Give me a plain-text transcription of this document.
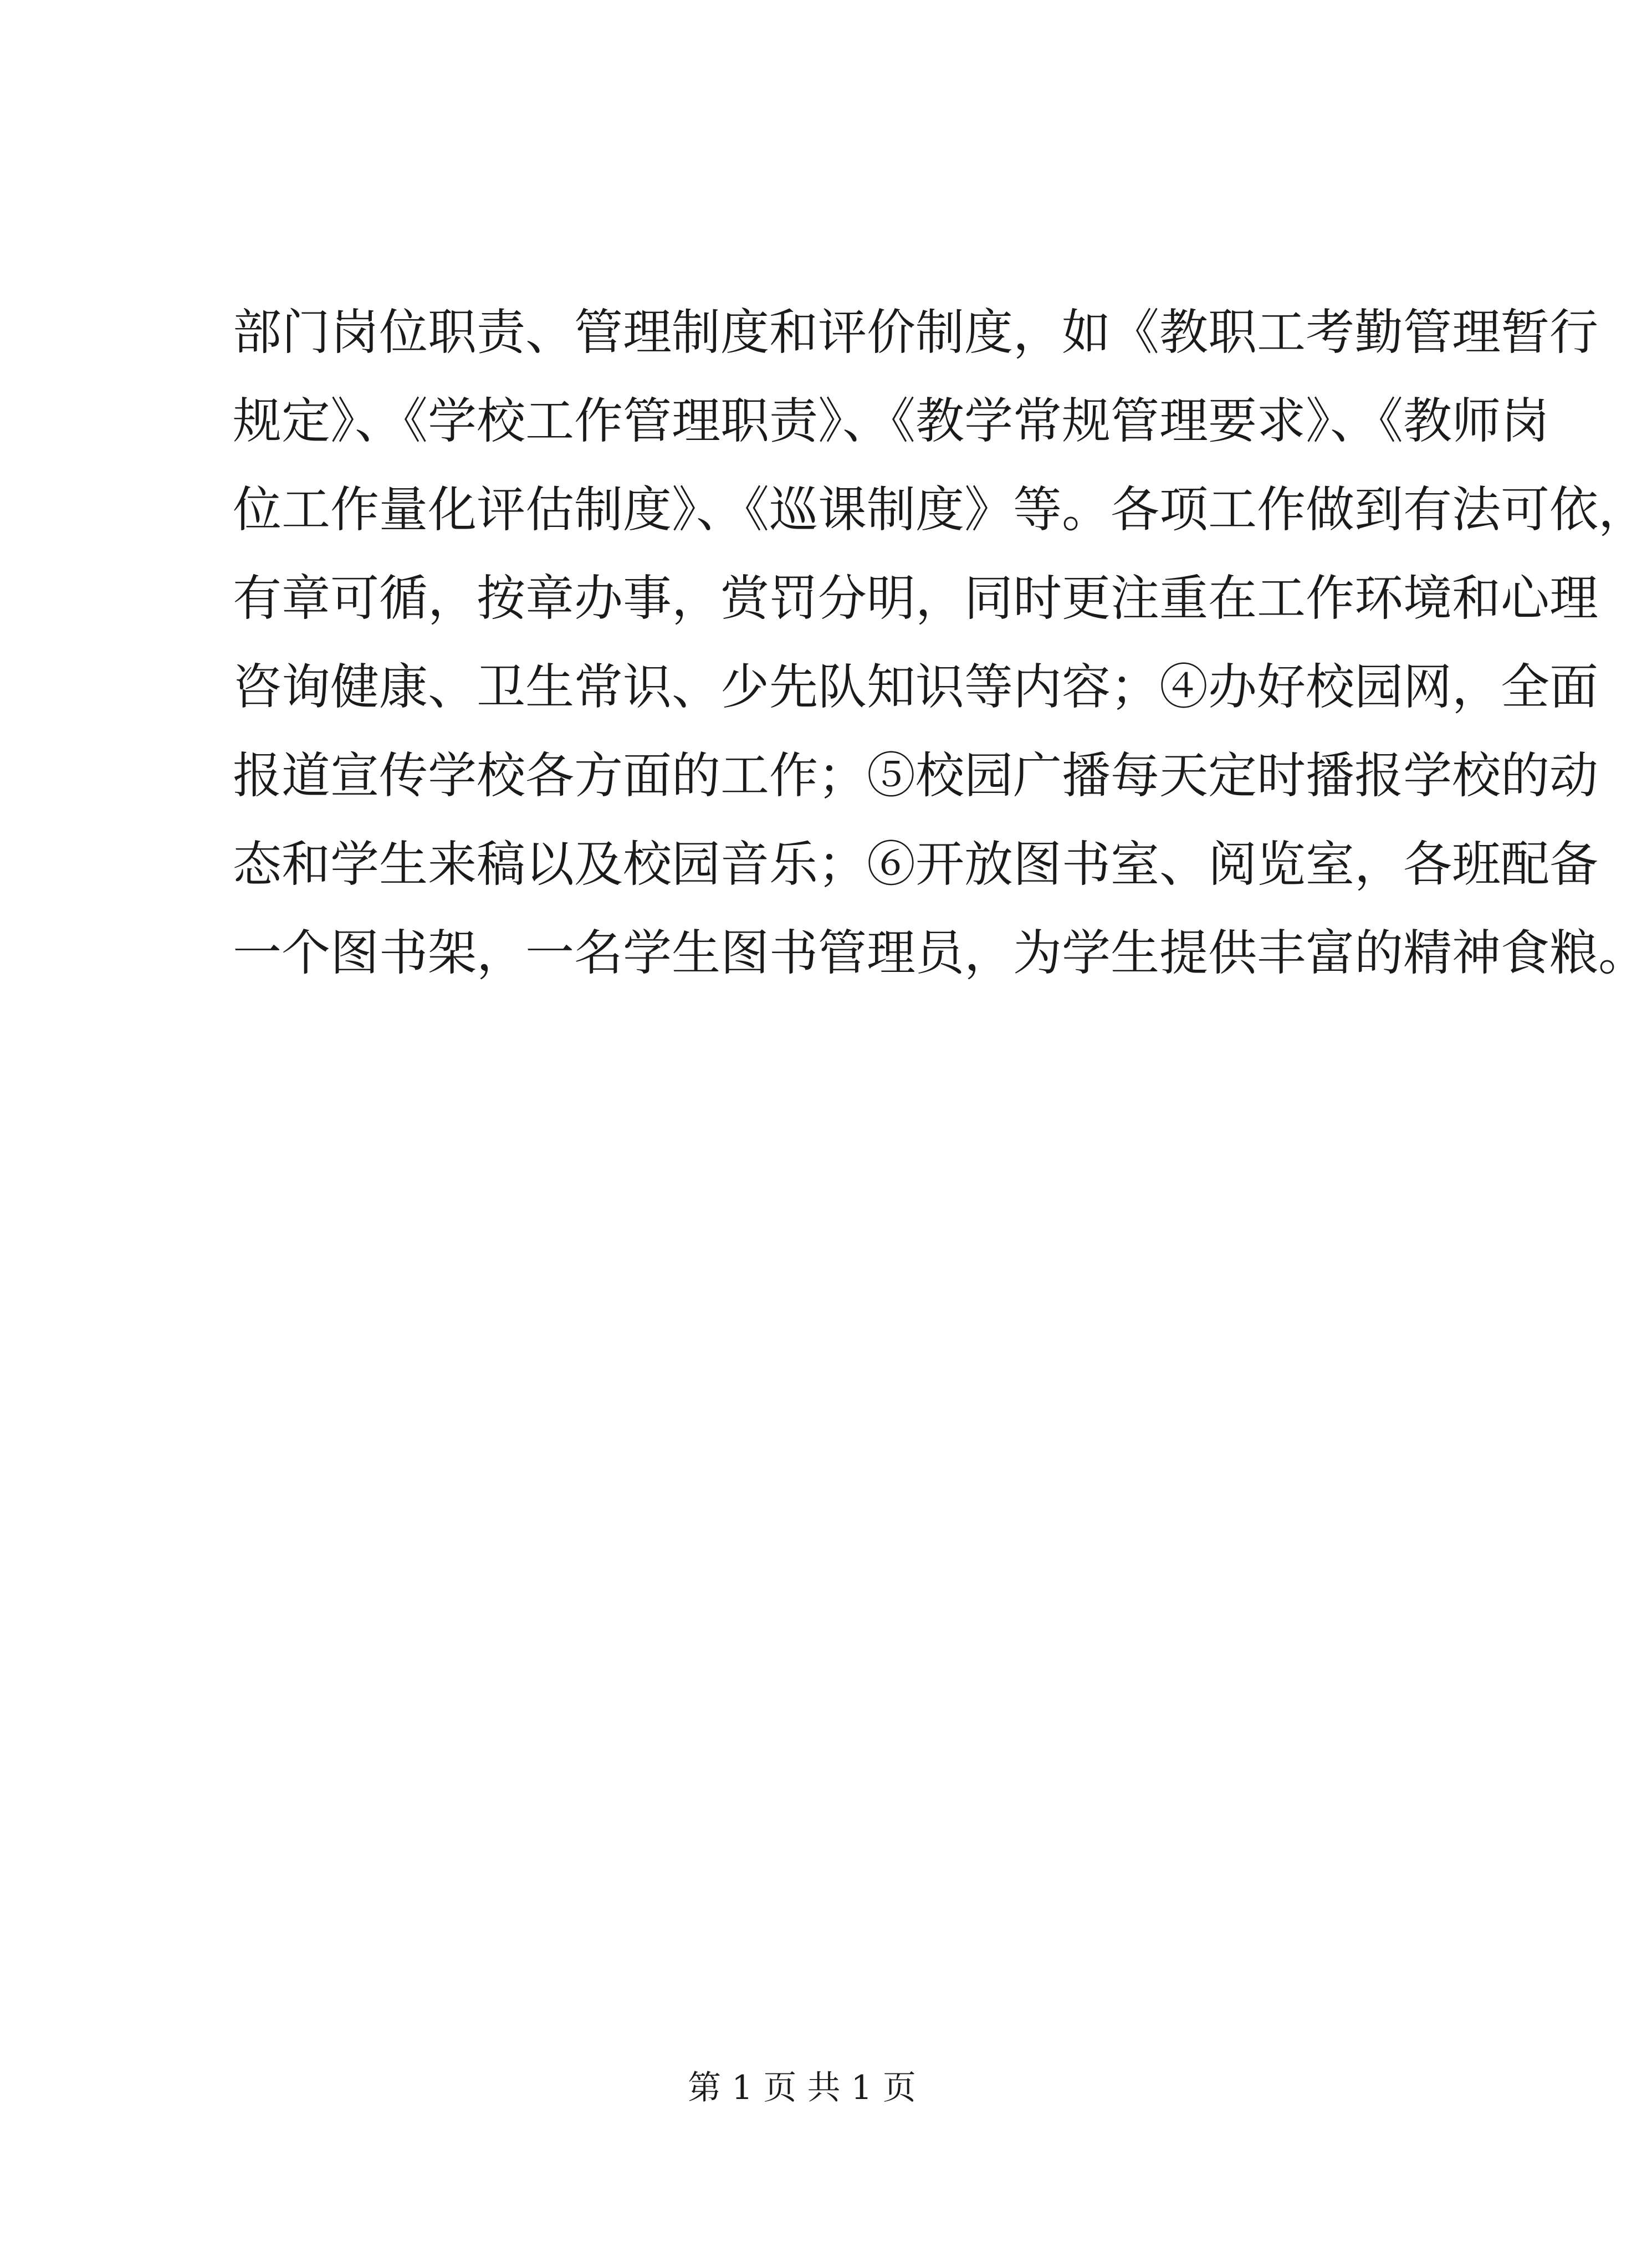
部门岗位职责、管理制度和评价制度，如《教职工考勤管理暂行
规定》、《学校工作管理职责》、《教学常规管理要求》、《教师岗
位工作量化评估制度》、《巡课制度》等。各项工作做到有法可依，
有章可循，按章办事，赏罚分明，同时更注重在工作环境和心理
咨询健康、卫生常识、少先队知识等内容；④办好校园网，全面
报道宣传学校各方面的工作；⑤校园广播每天定时播报学校的动
态和学生来稿以及校园音乐；⑥开放图书室、阅览室，各班配备
一个图书架，一名学生图书管理员，为学生提供丰富的精神食粮。
第 1 页 共 1 页
